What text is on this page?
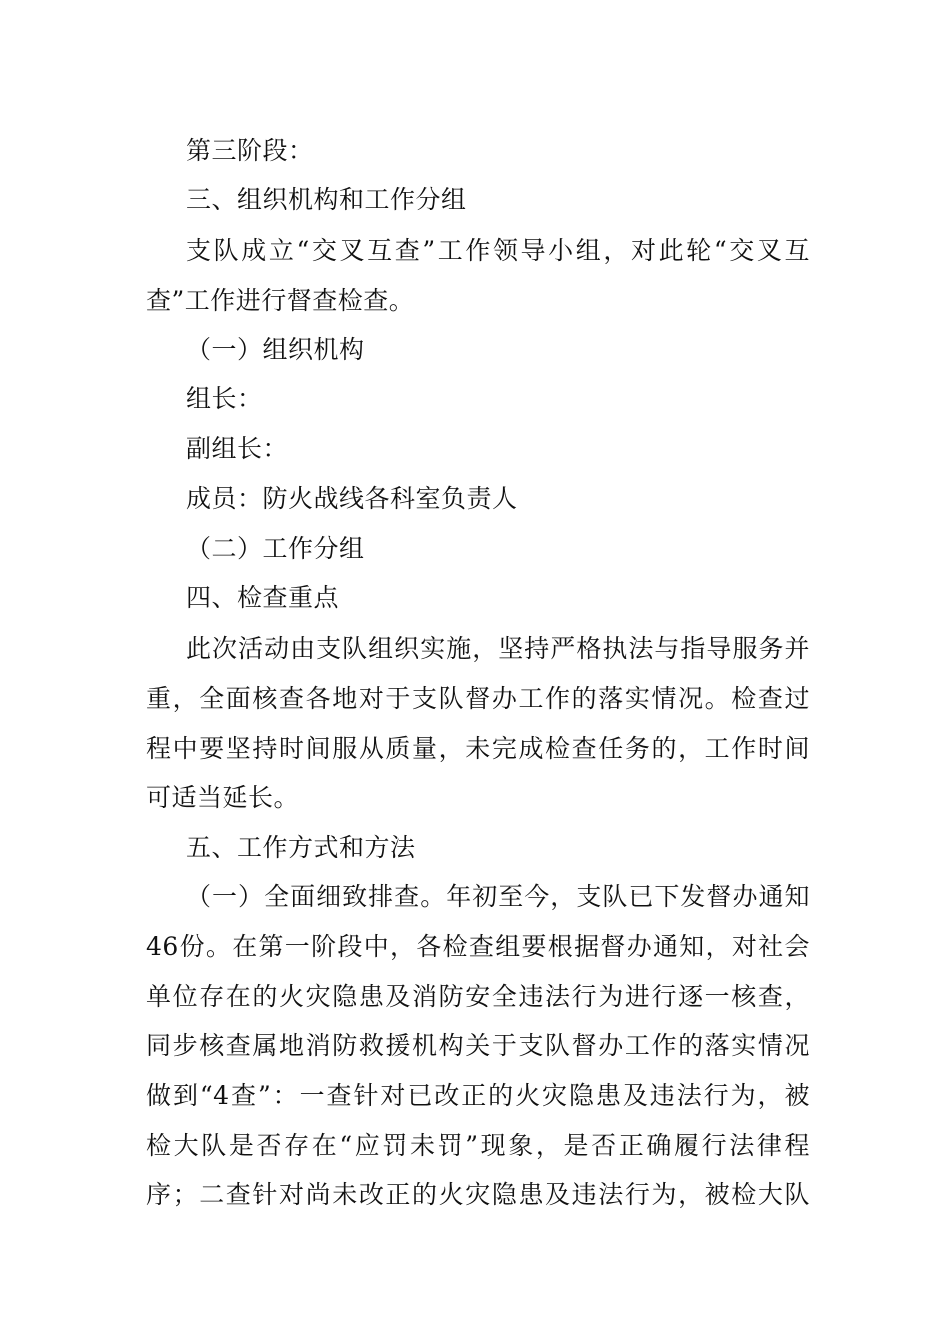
第三阶段：
三、组织机构和工作分组
支队成立“交叉互查”工作领导小组，对此轮“交叉互
查”工作进行督查检查。
（一）组织机构
组长：
副组长：
成员：防火战线各科室负责人
（二）工作分组
四、检查重点
此次活动由支队组织实施，坚持严格执法与指导服务并
重，全面核查各地对于支队督办工作的落实情况。检查过
程中要坚持时间服从质量，未完成检查任务的，工作时间
可适当延长。
五、工作方式和方法
（一）全面细致排查。年初至今，支队已下发督办通知
46份。在第一阶段中，各检查组要根据督办通知，对社会
单位存在的火灾隐患及消防安全违法行为进行逐一核查，
同步核查属地消防救援机构关于支队督办工作的落实情况
做到“4查”：一查针对已改正的火灾隐患及违法行为，被
检大队是否存在“应罚未罚”现象，是否正确履行法律程
序；二查针对尚未改正的火灾隐患及违法行为，被检大队
